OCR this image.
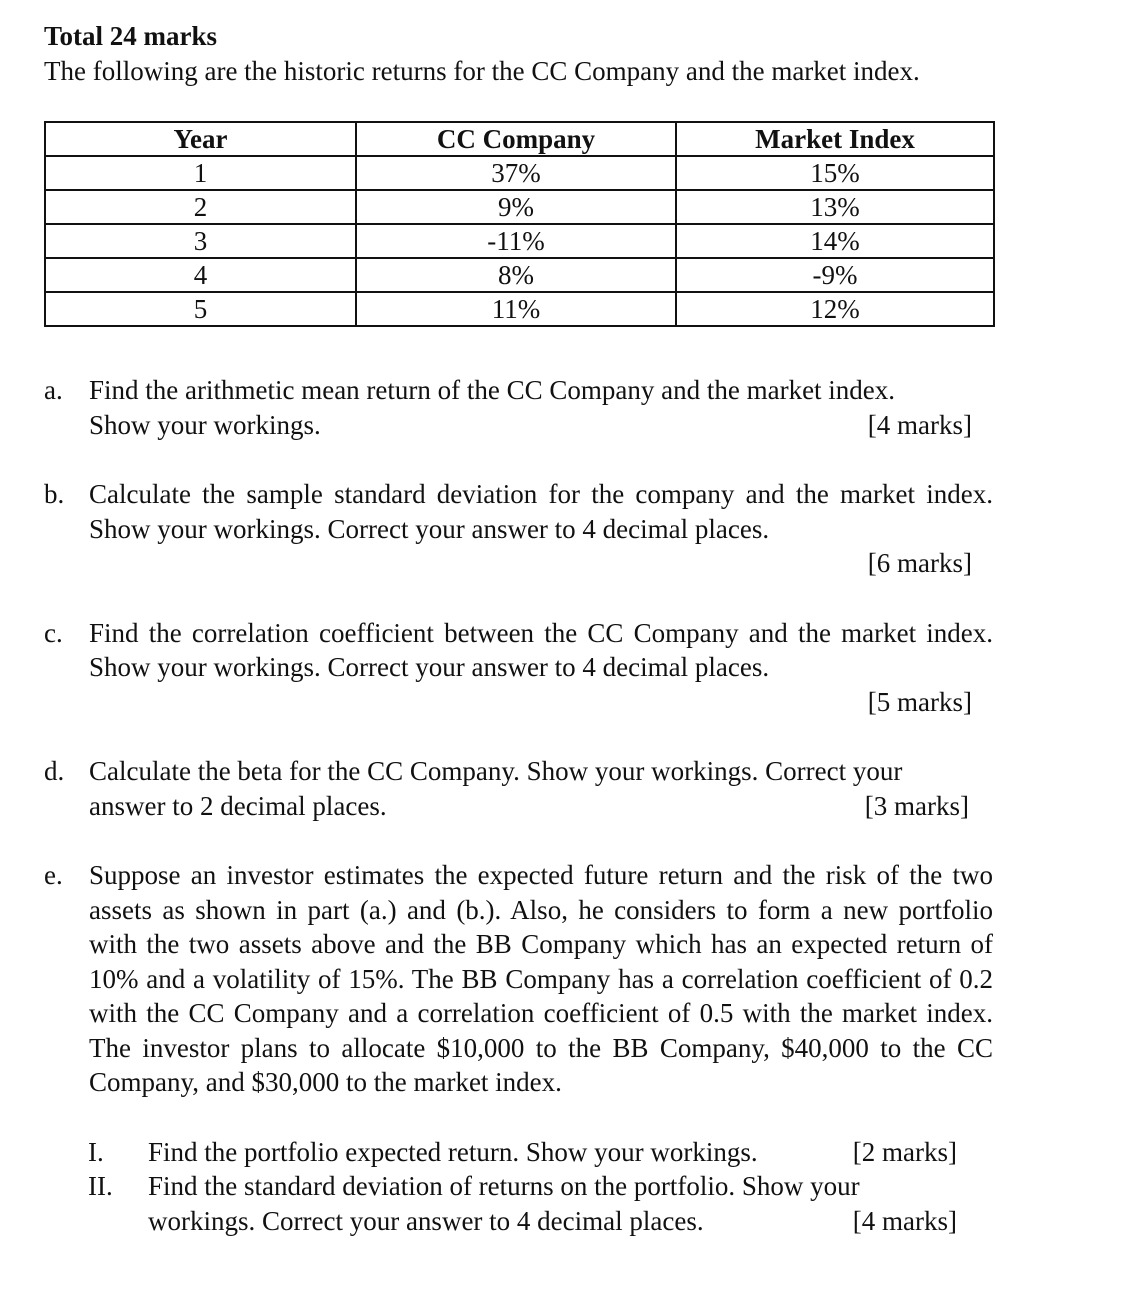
Total 24 marks
The following are the historic returns for the CC Company and the market index.
Year	CC Company	Market Index
1	37%	15%
2	9%	13%
3	-11%	14%
4	8%	-9%
5	11%	12%
a. Find the arithmetic mean return of the CC Company and the market index.
Show your workings.	[4 marks]
b. Calculate the sample standard deviation for the company and the market index. Show your workings. Correct your answer to 4 decimal places.
[6 marks]
c. Find the correlation coefficient between the CC Company and the market index. Show your workings. Correct your answer to 4 decimal places.
[5 marks]
d. Calculate the beta for the CC Company. Show your workings. Correct your
answer to 2 decimal places.	[3 marks]
e. Suppose an investor estimates the expected future return and the risk of the two assets as shown in part (a.) and (b.). Also, he considers to form a new portfolio with the two assets above and the BB Company which has an expected return of 10% and a volatility of 15%. The BB Company has a correlation coefficient of 0.2 with the CC Company and a correlation coefficient of 0.5 with the market index. The investor plans to allocate $10,000 to the BB Company, $40,000 to the CC Company, and $30,000 to the market index.
I.	Find the portfolio expected return. Show your workings.	[2 marks]
II.	Find the standard deviation of returns on the portfolio. Show your
workings. Correct your answer to 4 decimal places.	[4 marks]
